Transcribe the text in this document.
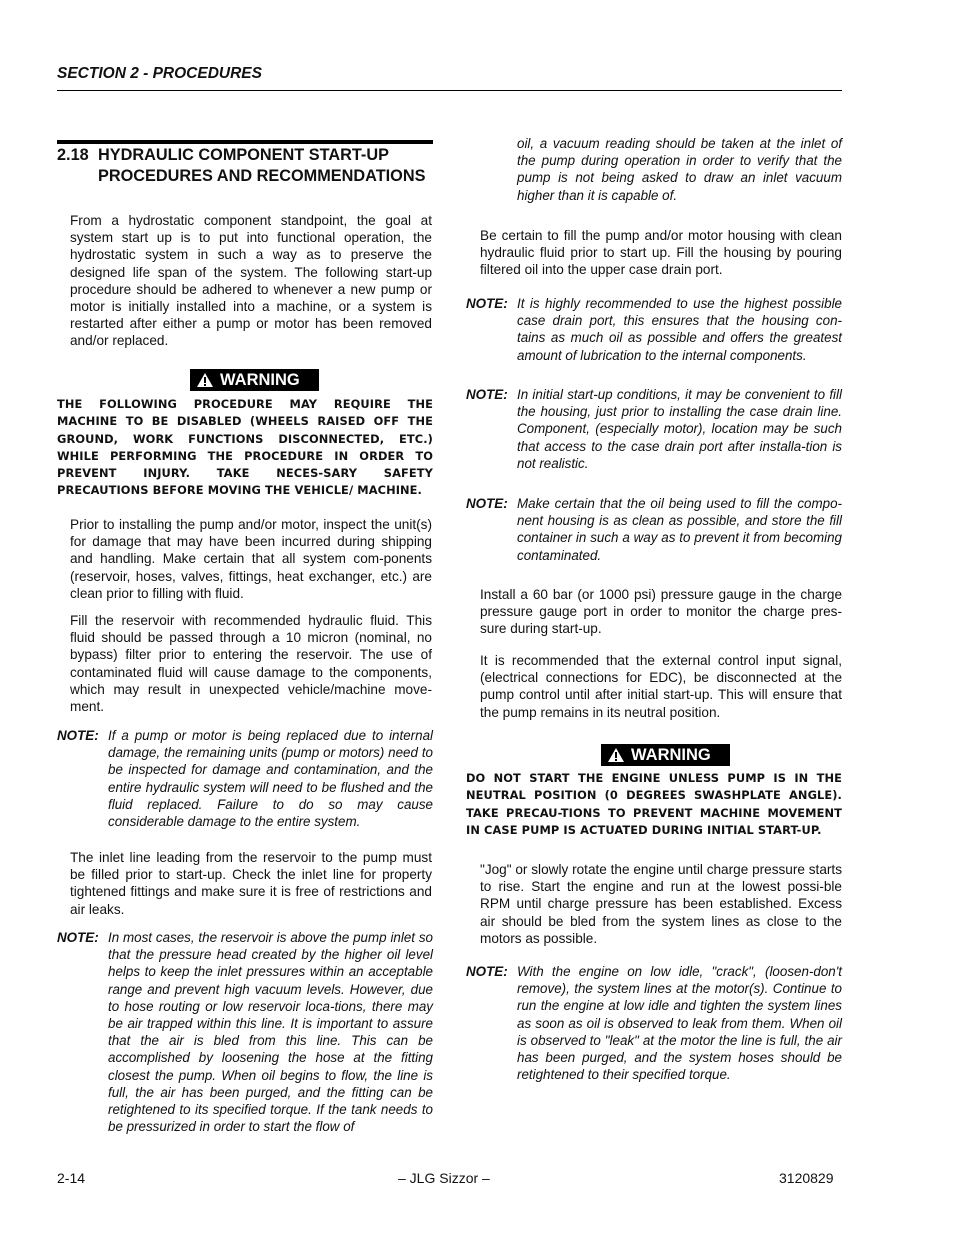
SECTION 2 - PROCEDURES
2.18 HYDRAULIC COMPONENT START-UP PROCEDURES AND RECOMMENDATIONS
From a hydrostatic component standpoint, the goal at system start up is to put into functional operation, the hydrostatic system in such a way as to preserve the designed life span of the system. The following start-up procedure should be adhered to whenever a new pump or motor is initially installed into a machine, or a system is restarted after either a pump or motor has been removed and/or replaced.
WARNING
THE FOLLOWING PROCEDURE MAY REQUIRE THE MACHINE TO BE DISABLED (WHEELS RAISED OFF THE GROUND, WORK FUNCTIONS DISCONNECTED, ETC.) WHILE PERFORMING THE PROCEDURE IN ORDER TO PREVENT INJURY. TAKE NECES-SARY SAFETY PRECAUTIONS BEFORE MOVING THE VEHICLE/ MACHINE.
Prior to installing the pump and/or motor, inspect the unit(s) for damage that may have been incurred during shipping and handling. Make certain that all system com-ponents (reservoir, hoses, valves, fittings, heat exchanger, etc.) are clean prior to filling with fluid.
Fill the reservoir with recommended hydraulic fluid. This fluid should be passed through a 10 micron (nominal, no bypass) filter prior to entering the reservoir. The use of contaminated fluid will cause damage to the components, which may result in unexpected vehicle/machine move-ment.
NOTE: If a pump or motor is being replaced due to internal damage, the remaining units (pump or motors) need to be inspected for damage and contamination, and the entire hydraulic system will need to be flushed and the fluid replaced. Failure to do so may cause considerable damage to the entire system.
The inlet line leading from the reservoir to the pump must be filled prior to start-up. Check the inlet line for property tightened fittings and make sure it is free of restrictions and air leaks.
NOTE: In most cases, the reservoir is above the pump inlet so that the pressure head created by the higher oil level helps to keep the inlet pressures within an acceptable range and prevent high vacuum levels. However, due to hose routing or low reservoir loca-tions, there may be air trapped within this line. It is important to assure that the air is bled from this line. This can be accomplished by loosening the hose at the fitting closest the pump. When oil begins to flow, the line is full, the air has been purged, and the fitting can be retightened to its specified torque. If the tank needs to be pressurized in order to start the flow of
oil, a vacuum reading should be taken at the inlet of the pump during operation in order to verify that the pump is not being asked to draw an inlet vacuum higher than it is capable of.
Be certain to fill the pump and/or motor housing with clean hydraulic fluid prior to start up. Fill the housing by pouring filtered oil into the upper case drain port.
NOTE: It is highly recommended to use the highest possible case drain port, this ensures that the housing con-tains as much oil as possible and offers the greatest amount of lubrication to the internal components.
NOTE: In initial start-up conditions, it may be convenient to fill the housing, just prior to installing the case drain line. Component, (especially motor), location may be such that access to the case drain port after installa-tion is not realistic.
NOTE: Make certain that the oil being used to fill the compo-nent housing is as clean as possible, and store the fill container in such a way as to prevent it from becoming contaminated.
Install a 60 bar (or 1000 psi) pressure gauge in the charge pressure gauge port in order to monitor the charge pres-sure during start-up.
It is recommended that the external control input signal, (electrical connections for EDC), be disconnected at the pump control until after initial start-up. This will ensure that the pump remains in its neutral position.
WARNING
DO NOT START THE ENGINE UNLESS PUMP IS IN THE NEUTRAL POSITION (0 DEGREES SWASHPLATE ANGLE). TAKE PRECAU-TIONS TO PREVENT MACHINE MOVEMENT IN CASE PUMP IS ACTUATED DURING INITIAL START-UP.
"Jog" or slowly rotate the engine until charge pressure starts to rise. Start the engine and run at the lowest possi-ble RPM until charge pressure has been established. Excess air should be bled from the system lines as close to the motors as possible.
NOTE: With the engine on low idle, "crack", (loosen-don't remove), the system lines at the motor(s). Continue to run the engine at low idle and tighten the system lines as soon as oil is observed to leak from them. When oil is observed to "leak" at the motor the line is full, the air has been purged, and the system hoses should be retightened to their specified torque.
2-14	– JLG Sizzor –	3120829
